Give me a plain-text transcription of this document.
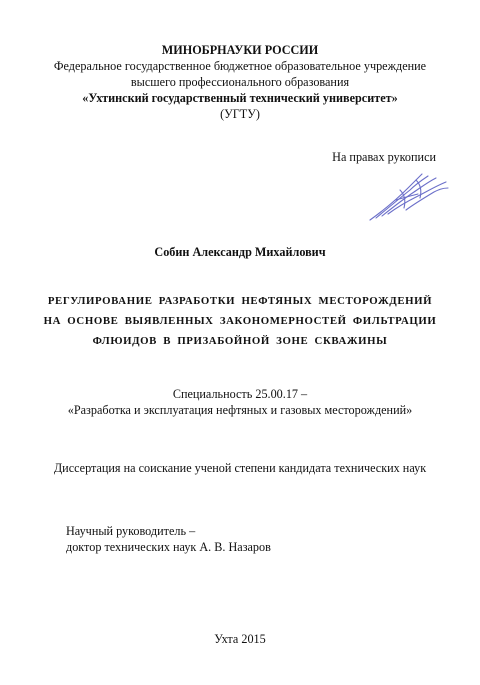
МИНОБРНАУКИ РОССИИ
Федеральное государственное бюджетное образовательное учреждение
высшего профессионального образования
«Ухтинский государственный технический университет»
(УГТУ)
На правах рукописи
Собин Александр Михайлович
РЕГУЛИРОВАНИЕ РАЗРАБОТКИ НЕФТЯНЫХ МЕСТОРОЖДЕНИЙ
НА ОСНОВЕ ВЫЯВЛЕННЫХ ЗАКОНОМЕРНОСТЕЙ ФИЛЬТРАЦИИ
ФЛЮИДОВ В ПРИЗАБОЙНОЙ ЗОНЕ СКВАЖИНЫ
Специальность 25.00.17 –
«Разработка и эксплуатация нефтяных и газовых месторождений»
Диссертация на соискание ученой степени кандидата технических наук
Научный руководитель –
доктор технических наук А. В. Назаров
Ухта 2015
